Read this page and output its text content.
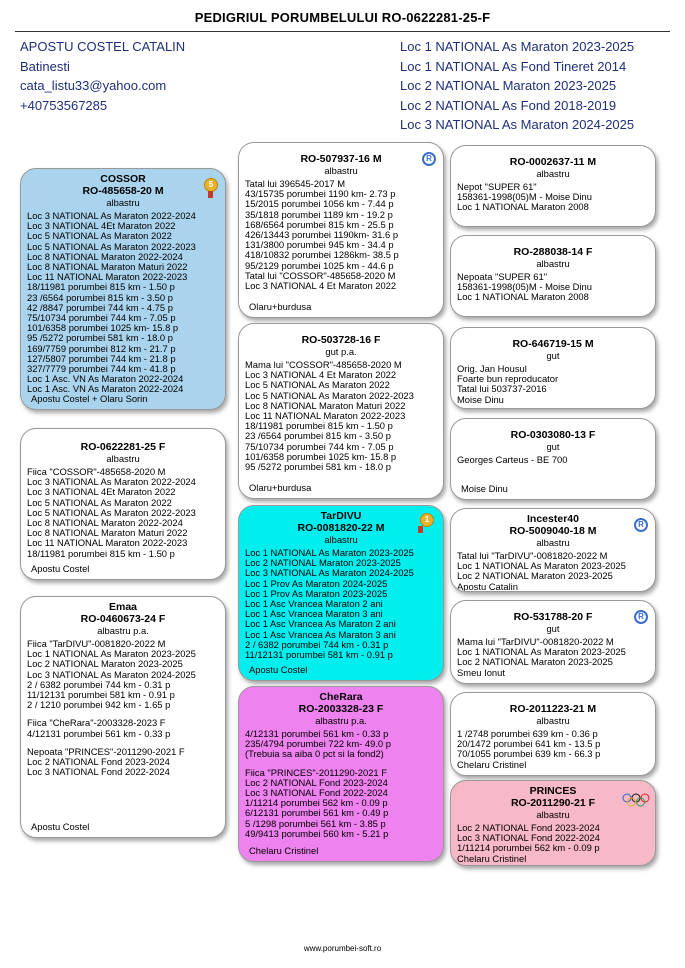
PEDIGRIUL PORUMBELULUI RO-0622281-25-F
APOSTU COSTEL CATALIN
Batinesti
cata_listu33@yahoo.com
+40753567285
Loc 1 NATIONAL As Maraton 2023-2025
Loc 1 NATIONAL As Fond Tineret 2014
Loc 2 NATIONAL Maraton 2023-2025
Loc 2 NATIONAL As Fond 2018-2019
Loc 3 NATIONAL As Maraton 2024-2025
COSSOR
RO-485658-20 M
albastru
Loc 3 NATIONAL As Maraton 2022-2024
Loc 3 NATIONAL 4Et Maraton 2022
Loc 5 NATIONAL As Maraton 2022
Loc 5 NATIONAL As Maraton 2022-2023
Loc 8 NATIONAL Maraton 2022-2024
Loc 8 NATIONAL Maraton Maturi 2022
Loc 11 NATIONAL Maraton 2022-2023
18/11981 porumbei 815 km - 1.50 p
23 /6564 porumbei 815 km - 3.50 p
42 /8847 porumbei 744 km - 4.75 p
75/10734 porumbei 744 km - 7.05 p
101/6358 porumbei 1025 km- 15.8 p
95 /5272 porumbei 581 km - 18.0 p
169/7759 porumbei 812 km - 21.7 p
127/5807 porumbei 744 km - 21.8 p
327/7779 porumbei 744 km - 41.8 p
Loc 1 Asc. VN As Maraton 2022-2024
Loc 1 Asc. VN As Maraton 2022-2024
Apostu Costel + Olaru Sorin
5
RO-0622281-25 F
albastru
Fiica "COSSOR"-485658-2020 M
Loc 3 NATIONAL As Maraton 2022-2024
Loc 3 NATIONAL 4Et Maraton 2022
Loc 5 NATIONAL As Maraton 2022
Loc 5 NATIONAL As Maraton 2022-2023
Loc 8 NATIONAL Maraton 2022-2024
Loc 8 NATIONAL Maraton Maturi 2022
Loc 11 NATIONAL Maraton 2022-2023
18/11981 porumbei 815 km - 1.50 p
Apostu Costel
Emaa
RO-0460673-24 F
albastru p.a.
Fiica "TarDIVU"-0081820-2022 M
Loc 1 NATIONAL As Maraton 2023-2025
Loc 2 NATIONAL Maraton 2023-2025
Loc 3 NATIONAL As Maraton 2024-2025
2 / 6382 porumbei 744 km - 0.31 p
11/12131 porumbei 581 km - 0.91 p
2 / 1210 porumbei 942 km - 1.65 p
Fiica "CheRara"-2003328-2023 F
4/12131 porumbei 561 km - 0.33 p
Nepoata "PRINCES"-2011290-2021 F
Loc 2 NATIONAL Fond 2023-2024
Loc 3 NATIONAL Fond 2022-2024
Apostu Costel
RO-507937-16 M
albastru
Tatal lui 396545-2017 M
43/15735 porumbei 1190 km- 2.73 p
15/2015 porumbei 1056 km - 7.44 p
35/1818 porumbei 1189 km - 19.2 p
168/6564 porumbei 815 km - 25.5 p
426/13443 porumbei 1190km- 31.6 p
131/3800 porumbei 945 km - 34.4 p
418/10832 porumbei 1286km- 38.5 p
95/2129 porumbei 1025 km - 44.6 p
Tatal lui "COSSOR"-485658-2020 M
Loc 3 NATIONAL 4 Et Maraton 2022
Olaru+burdusa
R
RO-503728-16 F
gut p.a.
Mama lui "COSSOR"-485658-2020 M
Loc 3 NATIONAL 4 Et Maraton 2022
Loc 5 NATIONAL As Maraton 2022
Loc 5 NATIONAL As Maraton 2022-2023
Loc 8 NATIONAL Maraton Maturi 2022
Loc 11 NATIONAL Maraton 2022-2023
18/11981 porumbei 815 km - 1.50 p
23 /6564 porumbei 815 km - 3.50 p
75/10734 porumbei 744 km - 7.05 p
101/6358 porumbei 1025 km- 15.8 p
95 /5272 porumbei 581 km - 18.0 p
Olaru+burdusa
TarDIVU
RO-0081820-22 M
albastru
Loc 1 NATIONAL As Maraton 2023-2025
Loc 2 NATIONAL Maraton 2023-2025
Loc 3 NATIONAL As Maraton 2024-2025
Loc 1 Prov As Maraton 2024-2025
Loc 1 Prov As Maraton 2023-2025
Loc 1 Asc Vrancea Maraton 2 ani
Loc 1 Asc Vrancea Maraton 3 ani
Loc 1 Asc Vrancea As Maraton 2 ani
Loc 1 Asc Vrancea As Maraton 3 ani
2 / 6382 porumbei 744 km - 0.31 p
11/12131 porumbei 581 km - 0.91 p
Apostu Costel
1
CheRara
RO-2003328-23 F
albastru p.a.
4/12131 porumbei 561 km - 0.33 p
235/4794 porumbei 722 km- 49.0 p
(Trebuia sa aiba 0 pct si la fond2)
Fiica "PRINCES"-2011290-2021 F
Loc 2 NATIONAL Fond 2023-2024
Loc 3 NATIONAL Fond 2022-2024
1/11214 porumbei 562 km - 0.09 p
6/12131 porumbei 561 km - 0.49 p
5 /1298 porumbei 561 km - 3.85 p
49/9413 porumbei 560 km - 5.21 p
Chelaru Cristinel
RO-0002637-11 M
albastru
Nepot "SUPER 61"
158361-1998(05)M - Moise Dinu
Loc 1 NATIONAL Maraton 2008
RO-288038-14 F
albastru
Nepoata "SUPER 61"
158361-1998(05)M - Moise Dinu
Loc 1 NATIONAL Maraton 2008
RO-646719-15 M
gut
Orig. Jan Housul
Foarte bun reproducator
Tatal lui 503737-2016
Moise Dinu
RO-0303080-13 F
gut
Georges Carteus - BE 700
Moise Dinu
Incester40
RO-5009040-18 M
albastru
Tatal lui "TarDIVU"-0081820-2022 M
Loc 1 NATIONAL As Maraton 2023-2025
Loc 2 NATIONAL Maraton 2023-2025
Apostu Catalin
R
RO-531788-20 F
gut
Mama lui "TarDIVU"-0081820-2022 M
Loc 1 NATIONAL As Maraton 2023-2025
Loc 2 NATIONAL Maraton 2023-2025
Smeu Ionut
R
RO-2011223-21 M
albastru
1 /2748 porumbei 639 km - 0.36 p
20/1472 porumbei 641 km - 13.5 p
70/1055 porumbei 639 km - 66.3 p
Chelaru Cristinel
PRINCES
RO-2011290-21 F
albastru
Loc 2 NATIONAL Fond 2023-2024
Loc 3 NATIONAL Fond 2022-2024
1/11214 porumbei 562 km - 0.09 p
Chelaru Cristinel
www.porumbei-soft.ro
